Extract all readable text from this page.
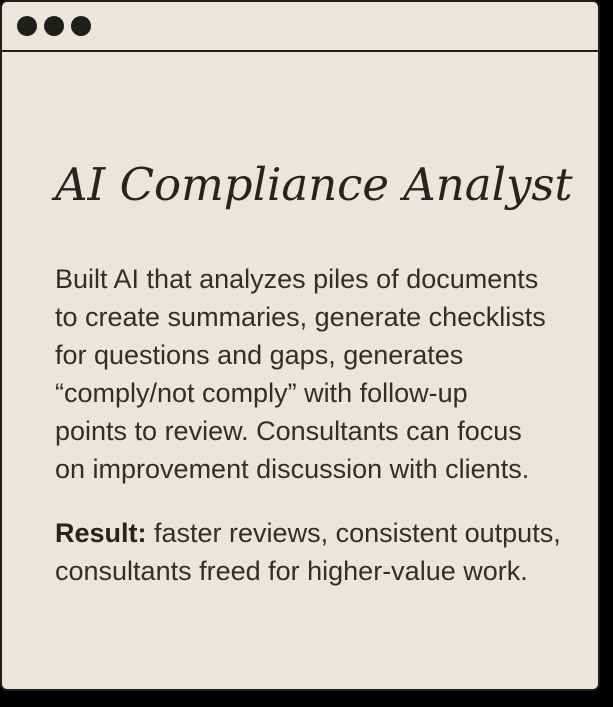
AI Compliance Analyst
Built AI that analyzes piles of documents
to create summaries, generate checklists
for questions and gaps, generates
“comply/not comply” with follow-up
points to review. Consultants can focus
on improvement discussion with clients.
Result: faster reviews, consistent outputs,
consultants freed for higher-value work.
